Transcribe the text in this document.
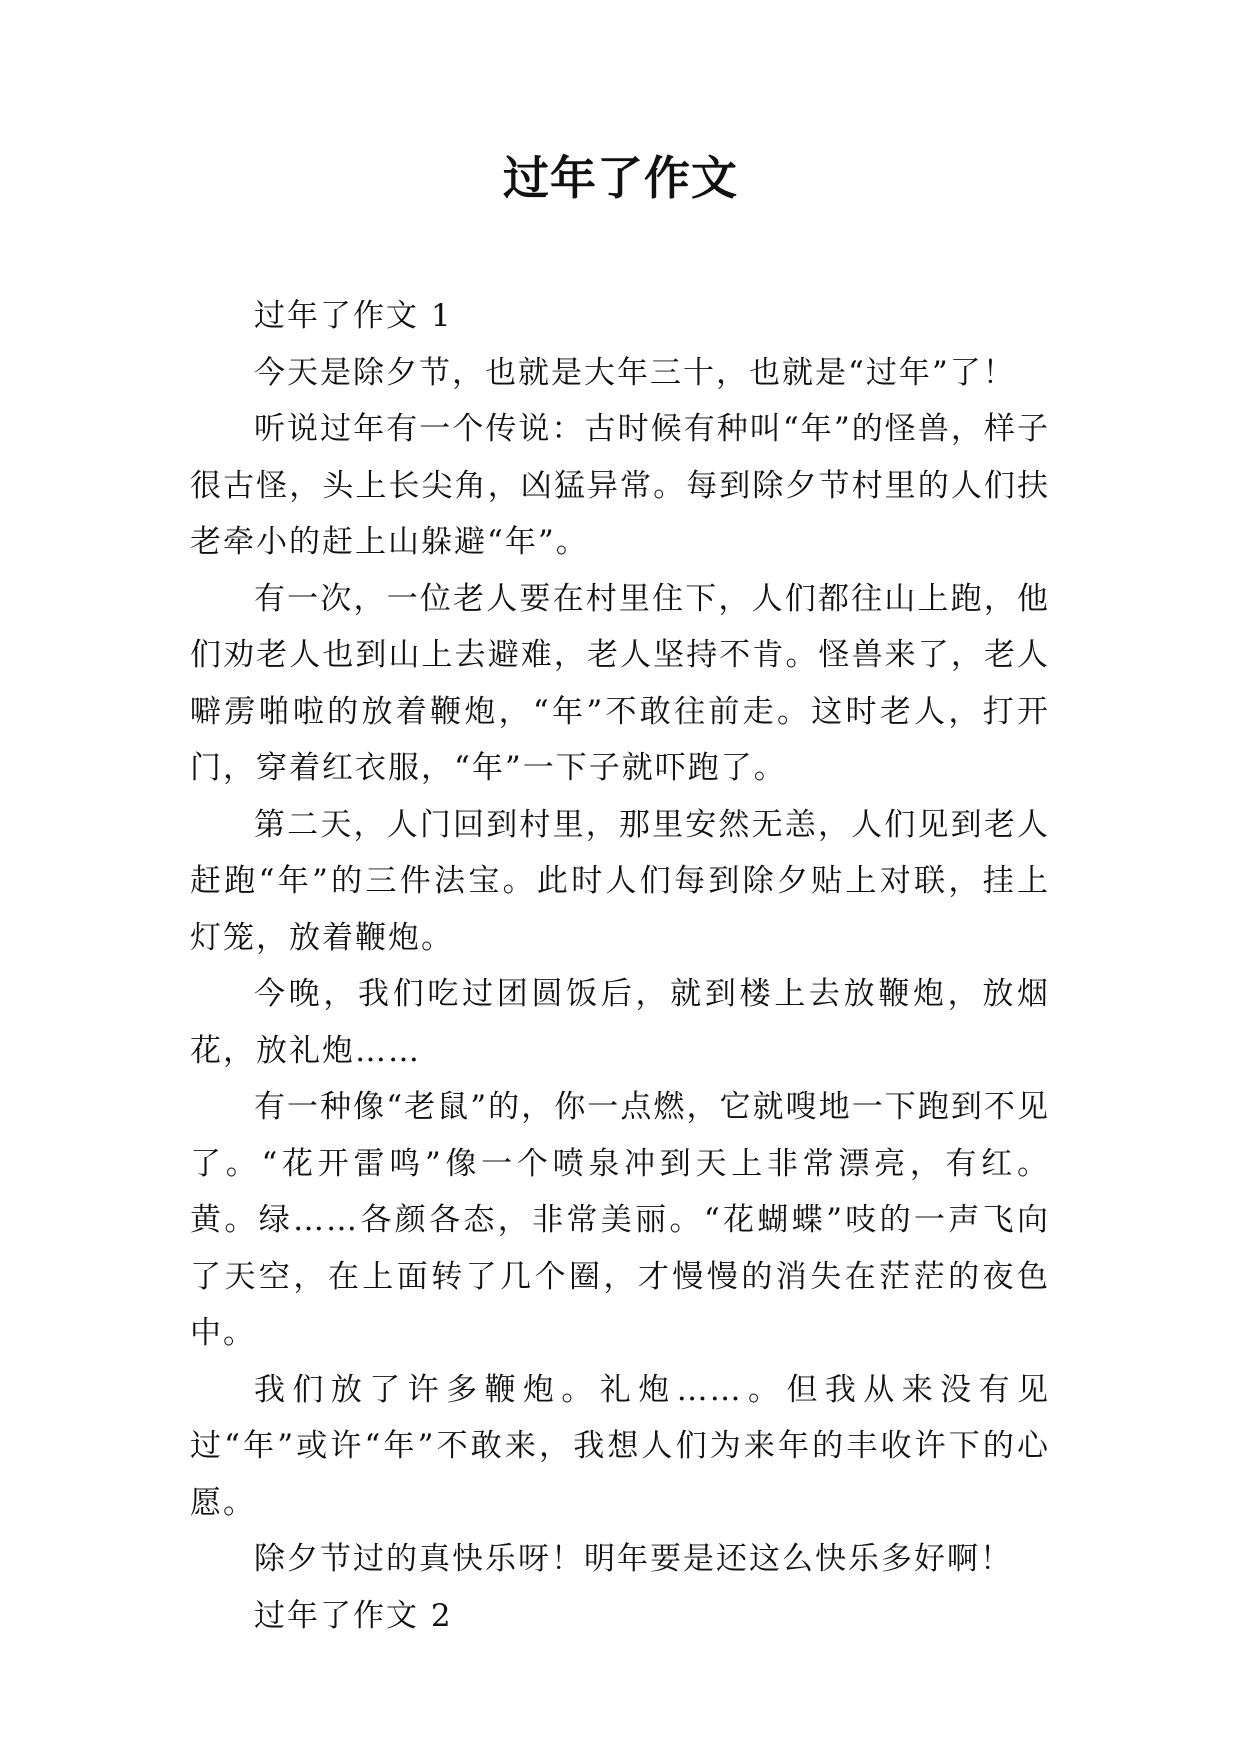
过年了作文

过年了作文 1

今天是除夕节，也就是大年三十，也就是“过年”了！

听说过年有一个传说：古时候有种叫“年”的怪兽，样子很古怪，头上长尖角，凶猛异常。每到除夕节村里的人们扶老牵小的赶上山躲避“年”。

有一次，一位老人要在村里住下，人们都往山上跑，他们劝老人也到山上去避难，老人坚持不肯。怪兽来了，老人噼雳啪啦的放着鞭炮，“年”不敢往前走。这时老人，打开门，穿着红衣服，“年”一下子就吓跑了。

第二天，人门回到村里，那里安然无恙，人们见到老人赶跑“年”的三件法宝。此时人们每到除夕贴上对联，挂上灯笼，放着鞭炮。

今晚，我们吃过团圆饭后，就到楼上去放鞭炮，放烟花，放礼炮……

有一种像“老鼠”的，你一点燃，它就嗖地一下跑到不见了。“花开雷鸣”像一个喷泉冲到天上非常漂亮，有红。黄。绿……各颜各态，非常美丽。“花蝴蝶”吱的一声飞向了天空，在上面转了几个圈，才慢慢的消失在茫茫的夜色中。

我们放了许多鞭炮。礼炮……。但我从来没有见过“年”或许“年”不敢来，我想人们为来年的丰收许下的心愿。

除夕节过的真快乐呀！明年要是还这么快乐多好啊！

过年了作文 2
